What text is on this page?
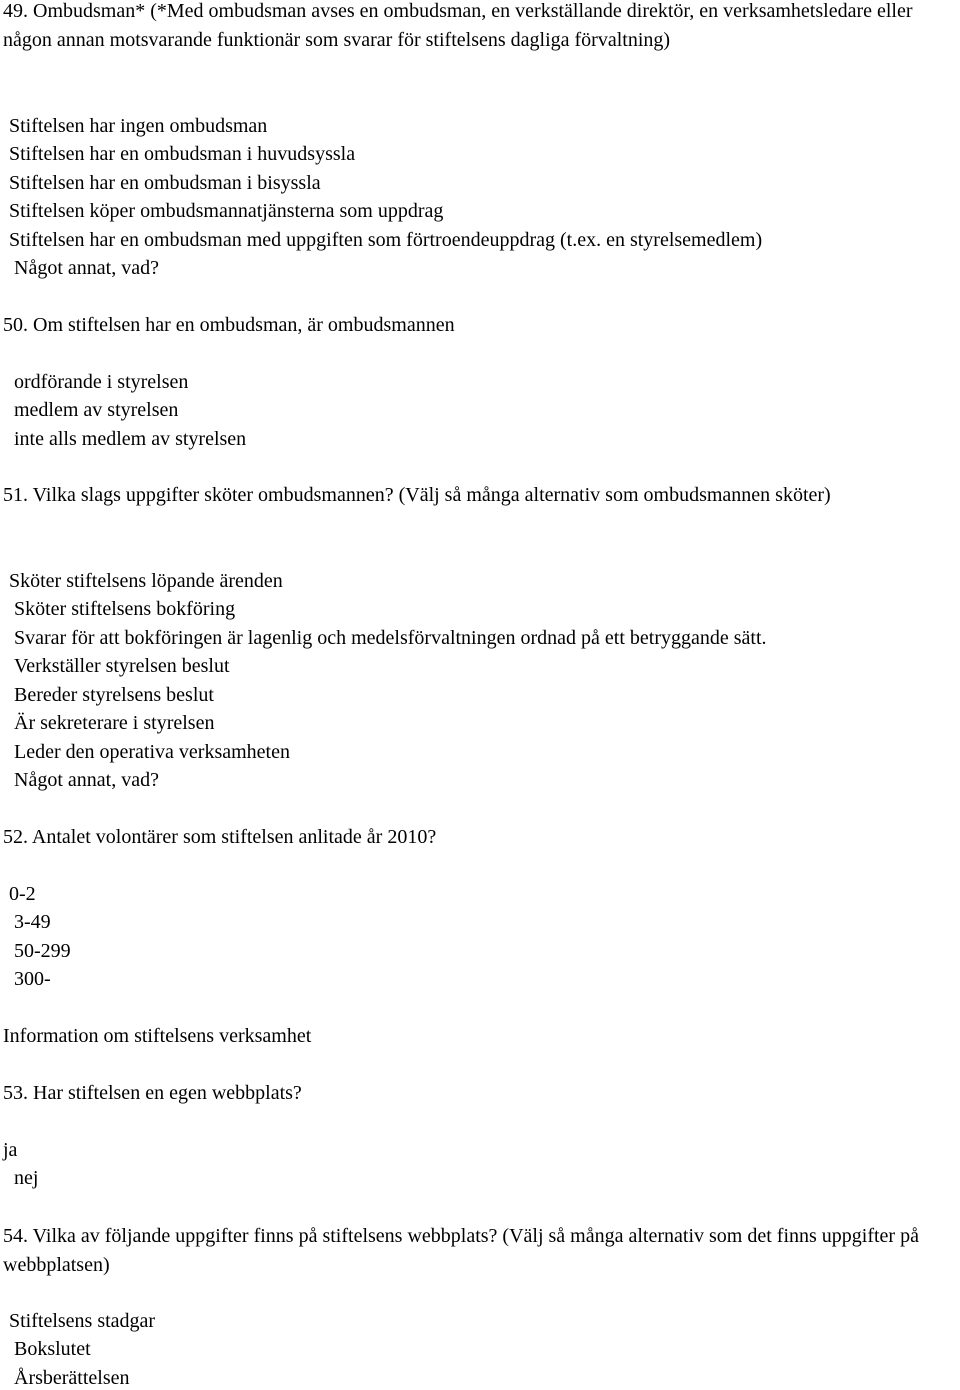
49. Ombudsman* (*Med ombudsman avses en ombudsman, en verkställande direktör, en verksamhetsledare eller någon annan motsvarande funktionär som svarar för stiftelsens dagliga förvaltning)

Stiftelsen har ingen ombudsman
Stiftelsen har en ombudsman i huvudsyssla
Stiftelsen har en ombudsman i bisyssla
Stiftelsen köper ombudsmannatjänsterna som uppdrag
Stiftelsen har en ombudsman med uppgiften som förtroendeuppdrag (t.ex. en styrelsemedlem)
Något annat, vad?
50. Om stiftelsen har en ombudsman, är ombudsmannen
ordförande i styrelsen
medlem av styrelsen
inte alls medlem av styrelsen

51. Vilka slags uppgifter sköter ombudsmannen? (Välj så många alternativ som ombudsmannen sköter)

Sköter stiftelsens löpande ärenden
Sköter stiftelsens bokföring
Svarar för att bokföringen är lagenlig och medelsförvaltningen ordnad på ett betryggande sätt.
Verkställer styrelsen beslut
Bereder styrelsens beslut
Är sekreterare i styrelsen
Leder den operativa verksamheten
Något annat, vad?
52. Antalet volontärer som stiftelsen anlitade år 2010?
0-2
3-49
50-299
300-
Information om stiftelsens verksamhet
53. Har stiftelsen en egen webbplats?
ja
nej

54. Vilka av följande uppgifter finns på stiftelsens webbplats? (Välj så många alternativ som det finns uppgifter på webbplatsen)

Stiftelsens stadgar
Bokslutet
Årsberättelsen
